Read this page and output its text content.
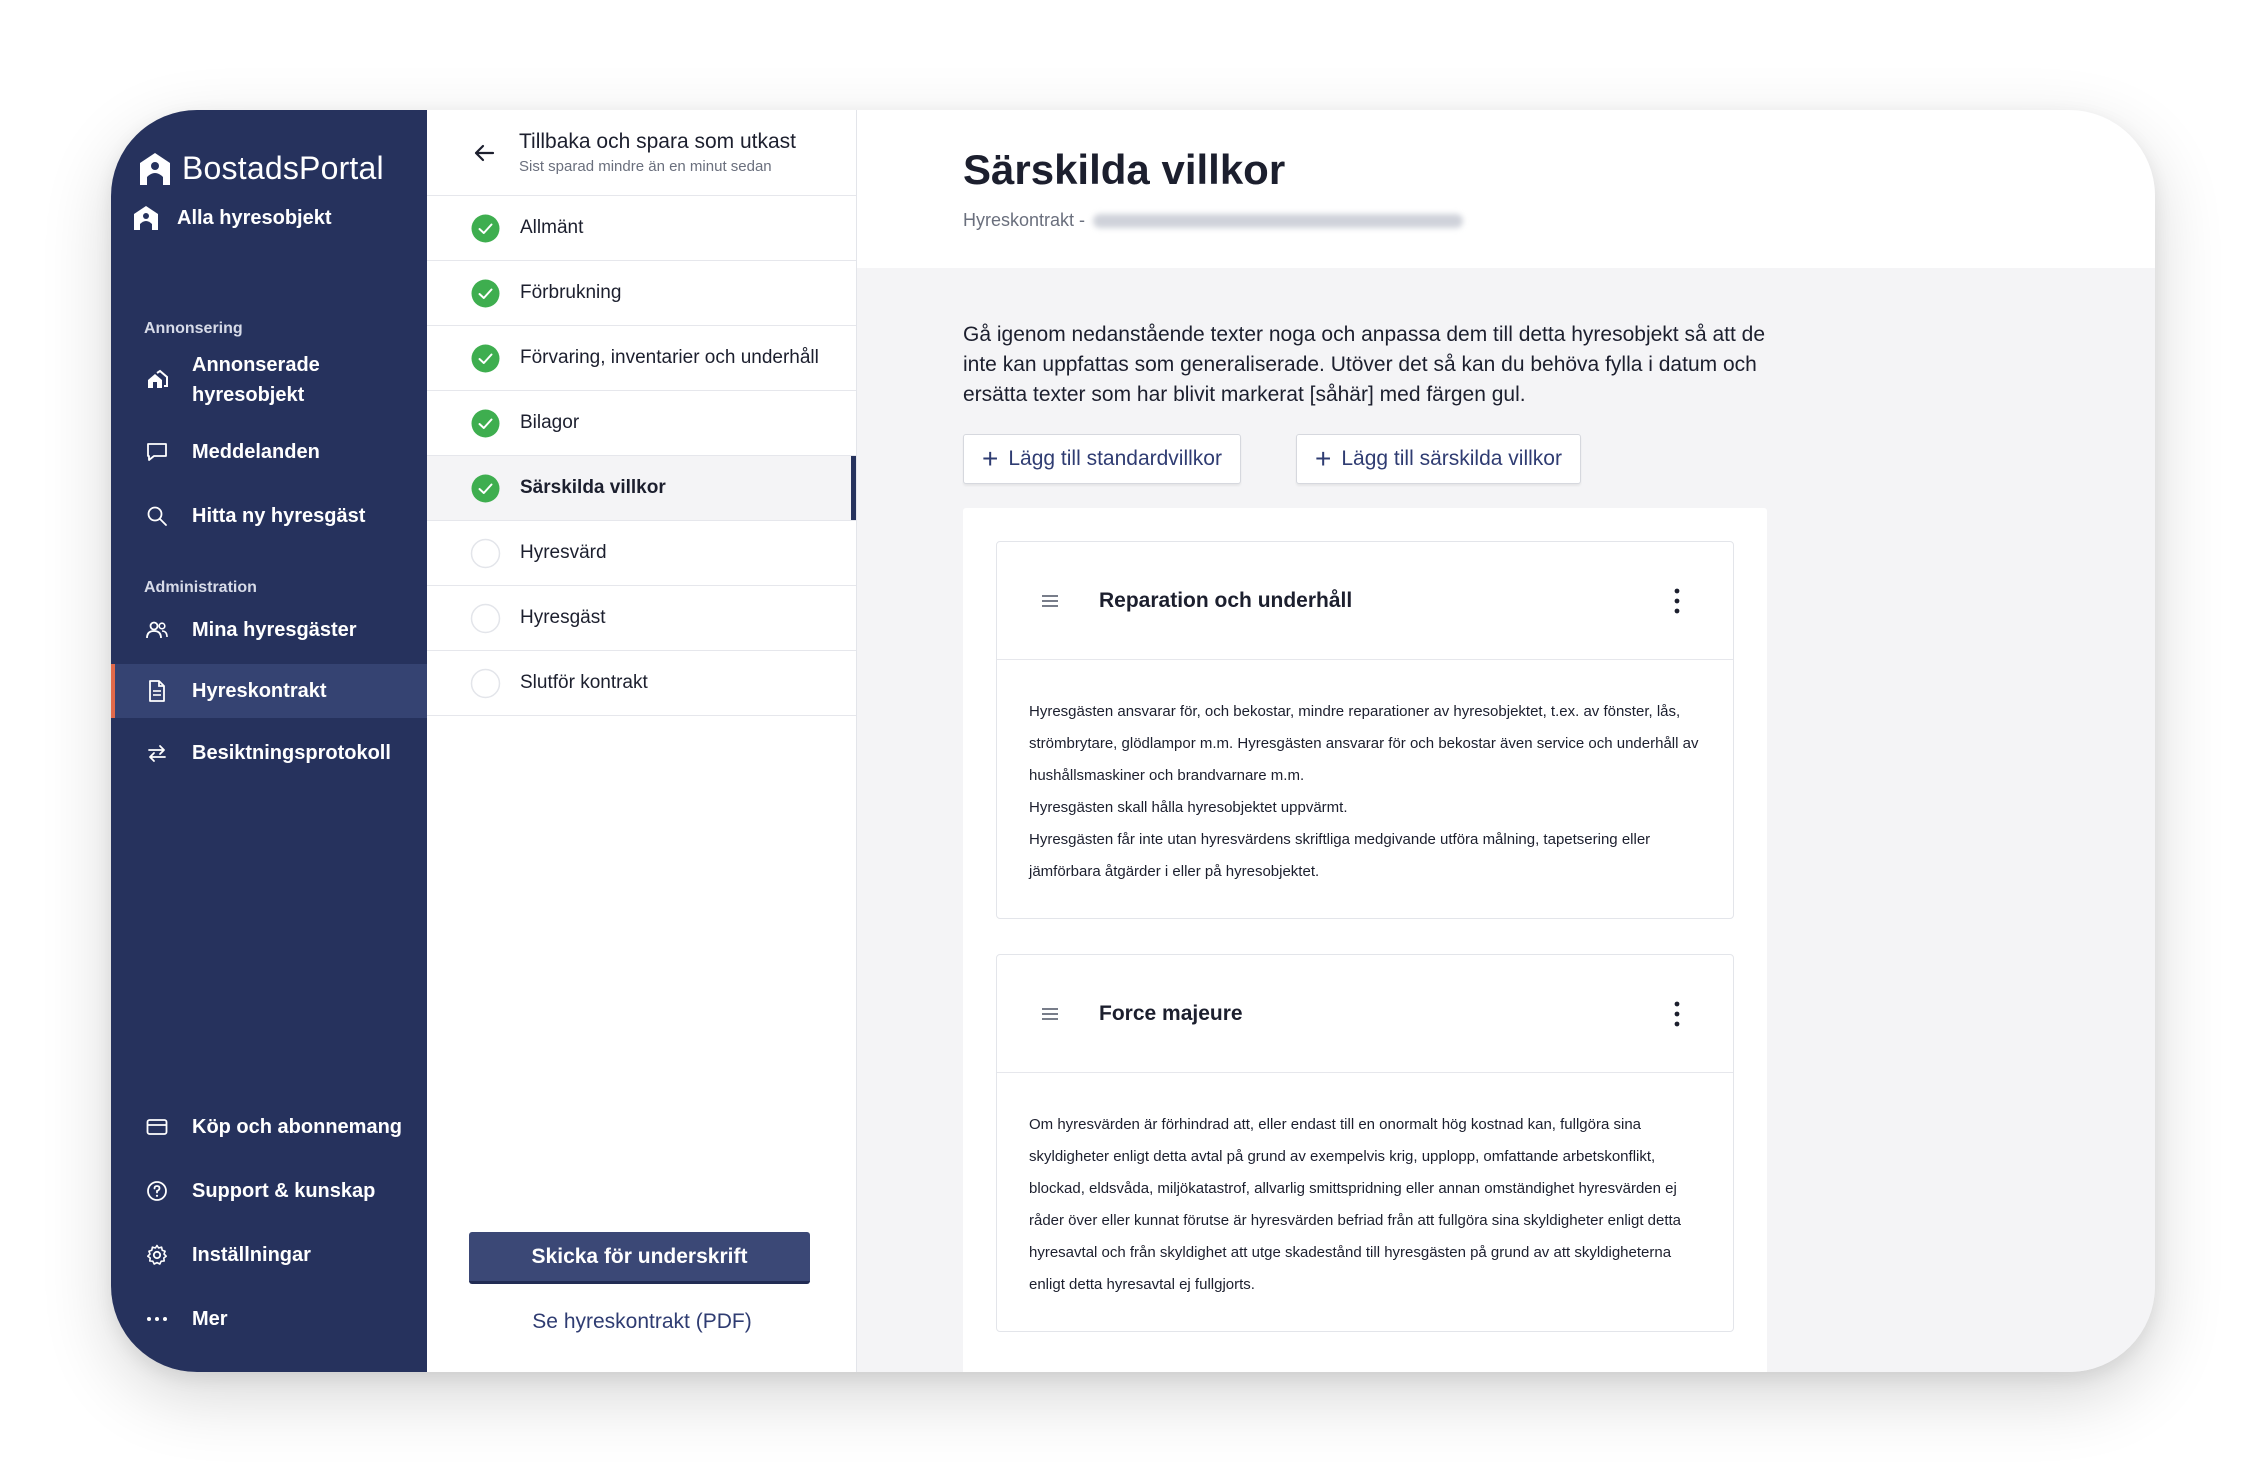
BostadsPortal
Alla hyresobjekt
Annonsering
Annonserade hyresobjekt
Meddelanden
Hitta ny hyresgäst
Administration
Mina hyresgäster
Hyreskontrakt
Besiktningsprotokoll
Köp och abonnemang
Support & kunskap
Inställningar
Mer
Tillbaka och spara som utkast
Sist sparad mindre än en minut sedan
Allmänt
Förbrukning
Förvaring, inventarier och underhåll
Bilagor
Särskilda villkor
Hyresvärd
Hyresgäst
Slutför kontrakt
Skicka för underskrift
Se hyreskontrakt (PDF)
Särskilda villkor
Hyreskontrakt -

Gå igenom nedanstående texter noga och anpassa dem till detta hyresobjekt så att de inte kan uppfattas som generaliserade. Utöver det så kan du behöva fylla i datum och ersätta texter som har blivit markerat [såhär] med färgen gul.

+ Lägg till standardvillkor	+ Lägg till särskilda villkor
Reparation och underhåll

Hyresgästen ansvarar för, och bekostar, mindre reparationer av hyresobjektet, t.ex. av fönster, lås, strömbrytare, glödlampor m.m. Hyresgästen ansvarar för och bekostar även service och underhåll av hushållsmaskiner och brandvarnare m.m.

Hyresgästen skall hålla hyresobjektet uppvärmt.

Hyresgästen får inte utan hyresvärdens skriftliga medgivande utföra målning, tapetsering eller jämförbara åtgärder i eller på hyresobjektet.

Force majeure

Om hyresvärden är förhindrad att, eller endast till en onormalt hög kostnad kan, fullgöra sina skyldigheter enligt detta avtal på grund av exempelvis krig, upplopp, omfattande arbetskonflikt, blockad, eldsvåda, miljökatastrof, allvarlig smittspridning eller annan omständighet hyresvärden ej råder över eller kunnat förutse är hyresvärden befriad från att fullgöra sina skyldigheter enligt detta hyresavtal och från skyldighet att utge skadestånd till hyresgästen på grund av att skyldigheterna enligt detta hyresavtal ej fullgjorts.
